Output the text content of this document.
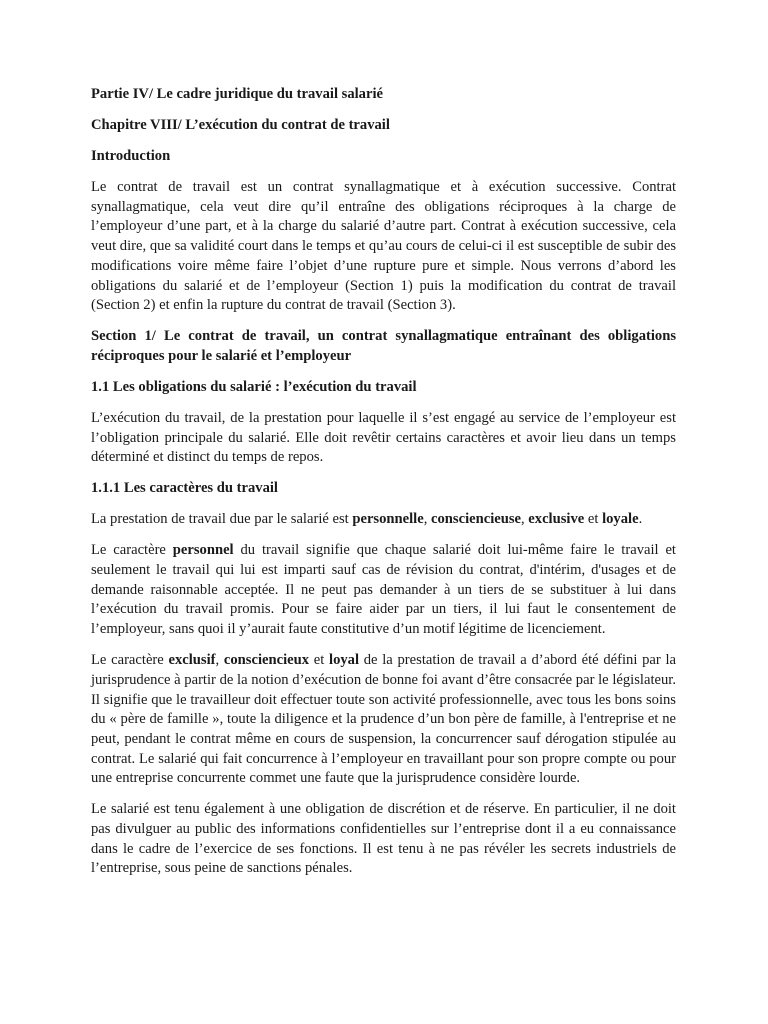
Partie IV/ Le cadre juridique du travail salarié

Chapitre VIII/ L’exécution du contrat de travail

Introduction

Le contrat de travail est un contrat synallagmatique et à exécution successive. Contrat synallagmatique, cela veut dire qu’il entraîne des obligations réciproques à la charge de l’employeur d’une part, et à la charge du salarié d’autre part. Contrat à exécution successive, cela veut dire, que sa validité court dans le temps et qu’au cours de celui-ci il est susceptible de subir des modifications voire même faire l’objet d’une rupture pure et simple. Nous verrons d’abord les obligations du salarié et de l’employeur (Section 1) puis la modification du contrat de travail (Section 2) et enfin la rupture du contrat de travail (Section 3).

Section 1/ Le contrat de travail, un contrat synallagmatique entraînant des obligations réciproques pour le salarié et l’employeur

1.1 Les obligations du salarié : l’exécution du travail

L’exécution du travail, de la prestation pour laquelle il s’est engagé au service de l’employeur est l’obligation principale du salarié. Elle doit revêtir certains caractères et avoir lieu dans un temps déterminé et distinct du temps de repos.

1.1.1 Les caractères du travail

La prestation de travail due par le salarié est personnelle, consciencieuse, exclusive et loyale.

Le caractère personnel du travail signifie que chaque salarié doit lui-même faire le travail et seulement le travail qui lui est imparti sauf cas de révision du contrat, d'intérim, d'usages et de demande raisonnable acceptée. Il ne peut pas demander à un tiers de se substituer à lui dans l’exécution du travail promis. Pour se faire aider par un tiers, il lui faut le consentement de l’employeur, sans quoi il y’aurait faute constitutive d’un motif légitime de licenciement.

Le caractère exclusif, consciencieux et loyal de la prestation de travail a d’abord été défini par la jurisprudence à partir de la notion d’exécution de bonne foi avant d’être consacrée par le législateur. Il signifie que le travailleur doit effectuer toute son activité professionnelle, avec tous les bons soins du « père de famille », toute la diligence et la prudence d’un bon père de famille, à l'entreprise et ne peut, pendant le contrat même en cours de suspension, la concurrencer sauf dérogation stipulée au contrat. Le salarié qui fait concurrence à l’employeur en travaillant pour son propre compte ou pour une entreprise concurrente commet une faute que la jurisprudence considère lourde.

Le salarié est tenu également à une obligation de discrétion et de réserve. En particulier, il ne doit pas divulguer au public des informations confidentielles sur l’entreprise dont il a eu connaissance dans le cadre de l’exercice de ses fonctions. Il est tenu à ne pas révéler les secrets industriels de l’entreprise, sous peine de sanctions pénales.
